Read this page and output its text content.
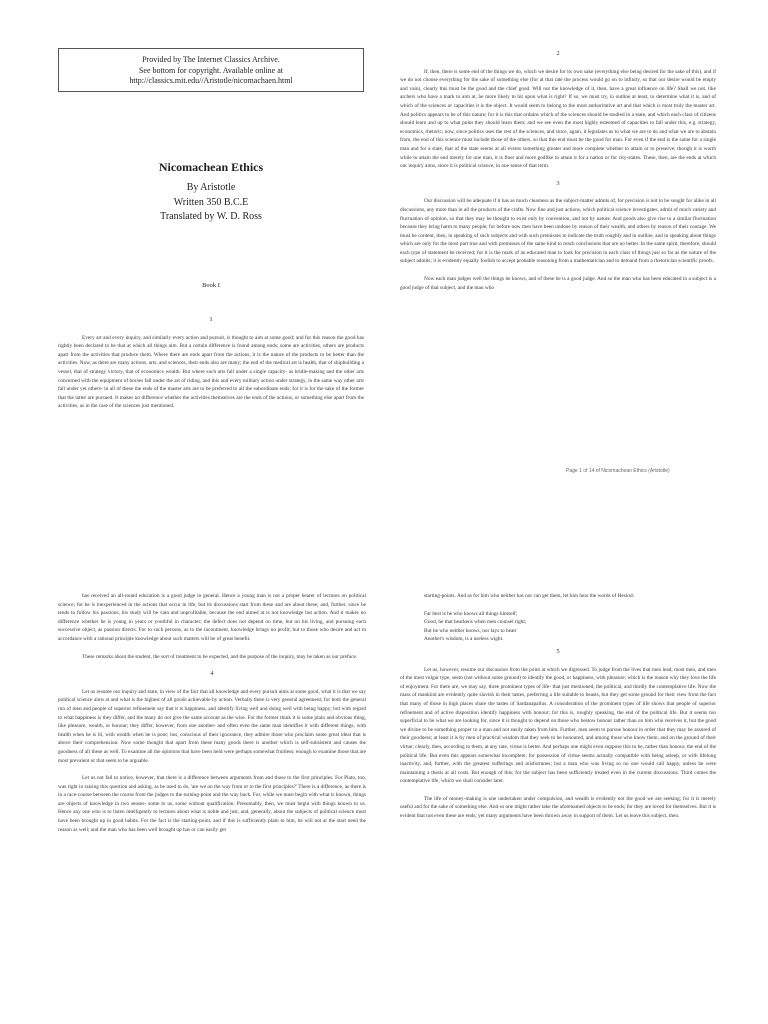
Provided by The Internet Classics Archive.
See bottom for copyright. Available online at
http://classics.mit.edu//Aristotle/nicomachaen.html
Nicomachean Ethics
By Aristotle
Written 350 B.C.E
Translated by W. D. Ross
Book I

1

Every art and every inquiry, and similarly every action and pursuit, is thought to aim at some good; and for this reason the good has rightly been declared to be that at which all things aim. But a certain difference is found among ends; some are activities, others are products apart from the activities that produce them. Where there are ends apart from the actions, it is the nature of the products to be better than the activities. Now, as there are many actions, arts, and sciences, their ends also are many; the end of the medical art is health, that of shipbuilding a vessel, that of strategy victory, that of economics wealth. But where such arts fall under a single capacity- as bridle-making and the other arts concerned with the equipment of horses fall under the art of riding, and this and every military action under strategy, in the same way other arts fall under yet others- in all of these the ends of the master arts are to be preferred to all the subordinate ends; for it is for the sake of the former that the latter are pursued. It makes no difference whether the activities themselves are the ends of the actions, or something else apart from the activities, as in the case of the sciences just mentioned.

2

If, then, there is some end of the things we do, which we desire for its own sake (everything else being desired for the sake of this), and if we do not choose everything for the sake of something else (for at that rate the process would go on to infinity, so that our desire would be empty and vain), clearly this must be the good and the chief good. Will not the knowledge of it, then, have a great influence on life? Shall we not, like archers who have a mark to aim at, be more likely to hit upon what is right? If so, we must try, in outline at least, to determine what it is, and of which of the sciences or capacities it is the object. It would seem to belong to the most authoritative art and that which is most truly the master art. And politics appears to be of this nature; for it is this that ordains which of the sciences should be studied in a state, and which each class of citizens should learn and up to what point they should learn them; and we see even the most highly esteemed of capacities to fall under this, e.g. strategy, economics, rhetoric; now, since politics uses the rest of the sciences, and since, again, it legislates as to what we are to do and what we are to abstain from, the end of this science must include those of the others, so that this end must be the good for man. For even if the end is the same for a single man and for a state, that of the state seems at all events something greater and more complete whether to attain or to preserve; though it is worth while to attain the end merely for one man, it is finer and more godlike to attain it for a nation or for city-states. These, then, are the ends at which our inquiry aims, since it is political science, in one sense of that term.

3

Our discussion will be adequate if it has as much clearness as the subject-matter admits of, for precision is not to be sought for alike in all discussions, any more than in all the products of the crafts. Now fine and just actions, which political science investigates, admit of much variety and fluctuation of opinion, so that they may be thought to exist only by convention, and not by nature. And goods also give rise to a similar fluctuation because they bring harm to many people; for before now men have been undone by reason of their wealth, and others by reason of their courage. We must be content, then, in speaking of such subjects and with such premisses to indicate the truth roughly and in outline, and in speaking about things which are only for the most part true and with premisses of the same kind to reach conclusions that are no better. In the same spirit, therefore, should each type of statement be received; for it is the mark of an educated man to look for precision in each class of things just so far as the nature of the subject admits; it is evidently equally foolish to accept probable reasoning from a mathematician and to demand from a rhetorician scientific proofs.

Now each man judges well the things he knows, and of these he is a good judge. And so the man who has been educated in a subject is a good judge of that subject, and the man who

Page 1 of 14 of Nicomachean Ethics (Aristotle)

has received an all-round education is a good judge in general. Hence a young man is not a proper hearer of lectures on political science; for he is inexperienced in the actions that occur in life, but its discussions start from these and are about these; and, further, since he tends to follow his passions, his study will be vain and unprofitable, because the end aimed at is not knowledge but action. And it makes no difference whether he is young in years or youthful in character; the defect does not depend on time, but on his living, and pursuing each successive object, as passion directs. For to such persons, as to the incontinent, knowledge brings no profit; but to those who desire and act in accordance with a rational principle knowledge about such matters will be of great benefit.

These remarks about the student, the sort of treatment to be expected, and the purpose of the inquiry, may be taken as our preface.

4

Let us resume our inquiry and state, in view of the fact that all knowledge and every pursuit aims at some good, what it is that we say political science aims at and what is the highest of all goods achievable by action. Verbally there is very general agreement; for both the general run of men and people of superior refinement say that it is happiness, and identify living well and doing well with being happy; but with regard to what happiness is they differ, and the many do not give the same account as the wise. For the former think it is some plain and obvious thing, like pleasure, wealth, or honour; they differ, however, from one another- and often even the same man identifies it with different things, with health when he is ill, with wealth when he is poor; but, conscious of their ignorance, they admire those who proclaim some great ideal that is above their comprehension. Now some thought that apart from these many goods there is another which is self-subsistent and causes the goodness of all these as well. To examine all the opinions that have been held were perhaps somewhat fruitless; enough to examine those that are most prevalent or that seem to be arguable.

Let us not fail to notice, however, that there is a difference between arguments from and those to the first principles. For Plato, too, was right in raising this question and asking, as he used to do, 'are we on the way from or to the first principles?' There is a difference, as there is in a race-course between the course from the judges to the turning-point and the way back. For, while we must begin with what is known, things are objects of knowledge in two senses- some to us, some without qualification. Presumably, then, we must begin with things known to us. Hence any one who is to listen intelligently to lectures about what is noble and just, and, generally, about the subjects of political science must have been brought up in good habits. For the fact is the starting-point, and if this is sufficiently plain to him, he will not at the start need the reason as well; and the man who has been well brought up has or can easily get

starting-points. And as for him who neither has nor can get them, let him hear the words of Hesiod:

Far best is he who knows all things himself;
Good, he that hearkens when men counsel right;
But he who neither knows, nor lays to heart
Another's wisdom, is a useless wight.

5

Let us, however, resume our discussion from the point at which we digressed. To judge from the lives that men lead, most men, and men of the most vulgar type, seem (not without some ground) to identify the good, or happiness, with pleasure; which is the reason why they love the life of enjoyment. For there are, we may say, three prominent types of life- that just mentioned, the political, and thirdly the contemplative life. Now the mass of mankind are evidently quite slavish in their tastes, preferring a life suitable to beasts, but they get some ground for their view from the fact that many of those in high places share the tastes of Sardanapallus. A consideration of the prominent types of life shows that people of superior refinement and of active disposition identify happiness with honour; for this is, roughly speaking, the end of the political life. But it seems too superficial to be what we are looking for, since it is thought to depend on those who bestow honour rather than on him who receives it, but the good we divine to be something proper to a man and not easily taken from him. Further, men seem to pursue honour in order that they may be assured of their goodness; at least it is by men of practical wisdom that they seek to be honoured, and among those who know them, and on the ground of their virtue; clearly, then, according to them, at any rate, virtue is better. And perhaps one might even suppose this to be, rather than honour, the end of the political life. But even this appears somewhat incomplete; for possession of virtue seems actually compatible with being asleep, or with lifelong inactivity, and, further, with the greatest sufferings and misfortunes; but a man who was living so no one would call happy, unless he were maintaining a thesis at all costs. But enough of this; for the subject has been sufficiently treated even in the current discussions. Third comes the contemplative life, which we shall consider later.

The life of money-making is one undertaken under compulsion, and wealth is evidently not the good we are seeking; for it is merely useful and for the sake of something else. And so one might rather take the aforenamed objects to be ends; for they are loved for themselves. But it is evident that not even these are ends; yet many arguments have been thrown away in support of them. Let us leave this subject, then.
